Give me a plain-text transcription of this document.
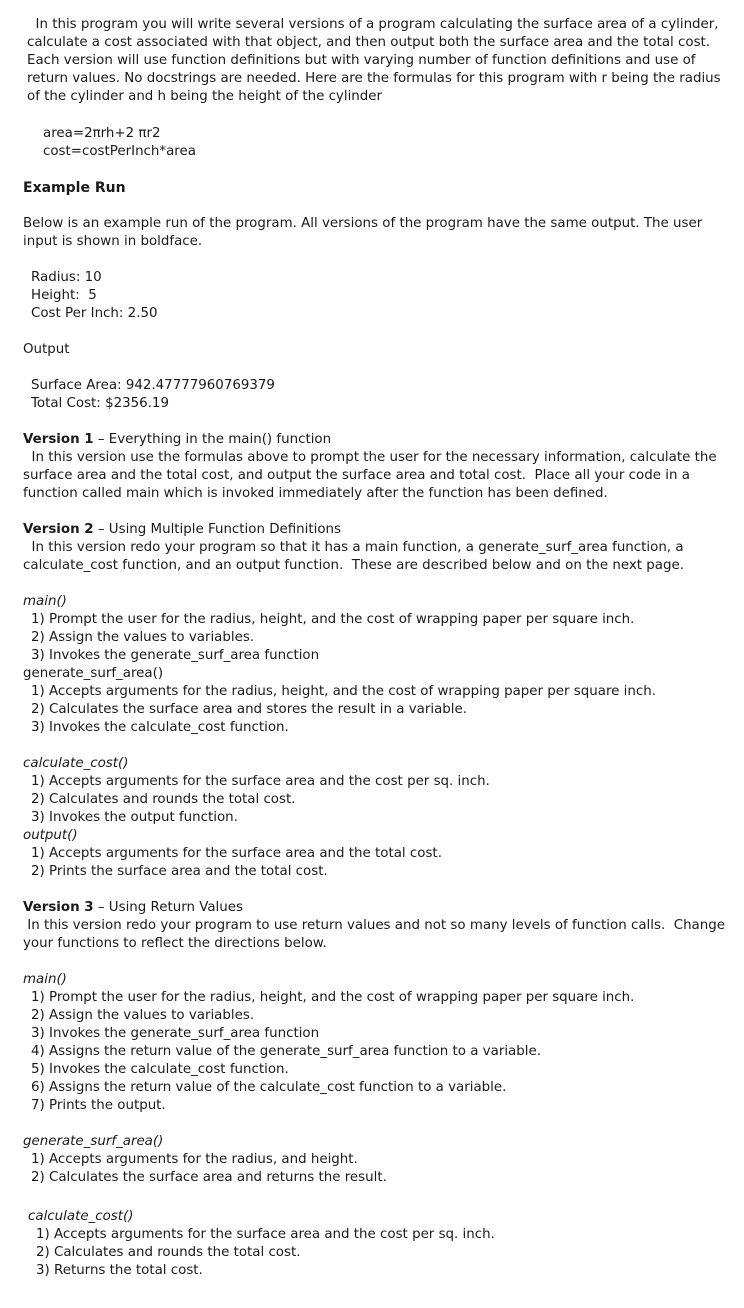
In this program you will write several versions of a program calculating the surface area of a cylinder,
calculate a cost associated with that object, and then output both the surface area and the total cost.
Each version will use function definitions but with varying number of function definitions and use of
return values. No docstrings are needed. Here are the formulas for this program with r being the radius
of the cylinder and h being the height of the cylinder
area=2πrh+2 πr2
cost=costPerInch*area
Example Run
Below is an example run of the program. All versions of the program have the same output. The user
input is shown in boldface.
Radius: 10
Height:  5
Cost Per Inch: 2.50
Output
Surface Area: 942.47777960769379
Total Cost: $2356.19
Version 1 – Everything in the main() function
In this version use the formulas above to prompt the user for the necessary information, calculate the
surface area and the total cost, and output the surface area and total cost.  Place all your code in a
function called main which is invoked immediately after the function has been defined.
Version 2 – Using Multiple Function Definitions
In this version redo your program so that it has a main function, a generate_surf_area function, a
calculate_cost function, and an output function.  These are described below and on the next page.
main()
1) Prompt the user for the radius, height, and the cost of wrapping paper per square inch.
2) Assign the values to variables.
3) Invokes the generate_surf_area function
generate_surf_area()
1) Accepts arguments for the radius, height, and the cost of wrapping paper per square inch.
2) Calculates the surface area and stores the result in a variable.
3) Invokes the calculate_cost function.
calculate_cost()
1) Accepts arguments for the surface area and the cost per sq. inch.
2) Calculates and rounds the total cost.
3) Invokes the output function.
output()
1) Accepts arguments for the surface area and the total cost.
2) Prints the surface area and the total cost.
Version 3 – Using Return Values
In this version redo your program to use return values and not so many levels of function calls.  Change
your functions to reflect the directions below.
main()
1) Prompt the user for the radius, height, and the cost of wrapping paper per square inch.
2) Assign the values to variables.
3) Invokes the generate_surf_area function
4) Assigns the return value of the generate_surf_area function to a variable.
5) Invokes the calculate_cost function.
6) Assigns the return value of the calculate_cost function to a variable.
7) Prints the output.
generate_surf_area()
1) Accepts arguments for the radius, and height.
2) Calculates the surface area and returns the result.
calculate_cost()
1) Accepts arguments for the surface area and the cost per sq. inch.
2) Calculates and rounds the total cost.
3) Returns the total cost.
